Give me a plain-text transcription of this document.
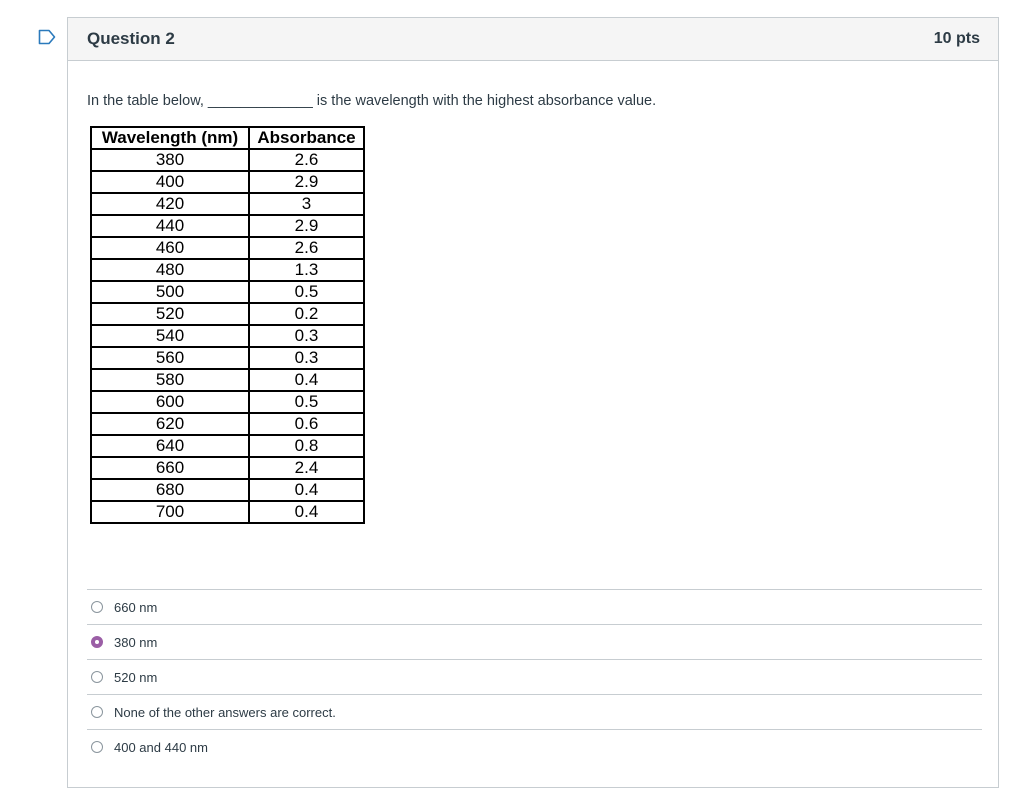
Question 2	10 pts

In the table below, _____________ is the wavelength with the highest absorbance value.

Wavelength (nm)	Absorbance
380	2.6
400	2.9
420	3
440	2.9
460	2.6
480	1.3
500	0.5
520	0.2
540	0.3
560	0.3
580	0.4
600	0.5
620	0.6
640	0.8
660	2.4
680	0.4
700	0.4
660 nm
380 nm
520 nm
None of the other answers are correct.
400 and 440 nm
